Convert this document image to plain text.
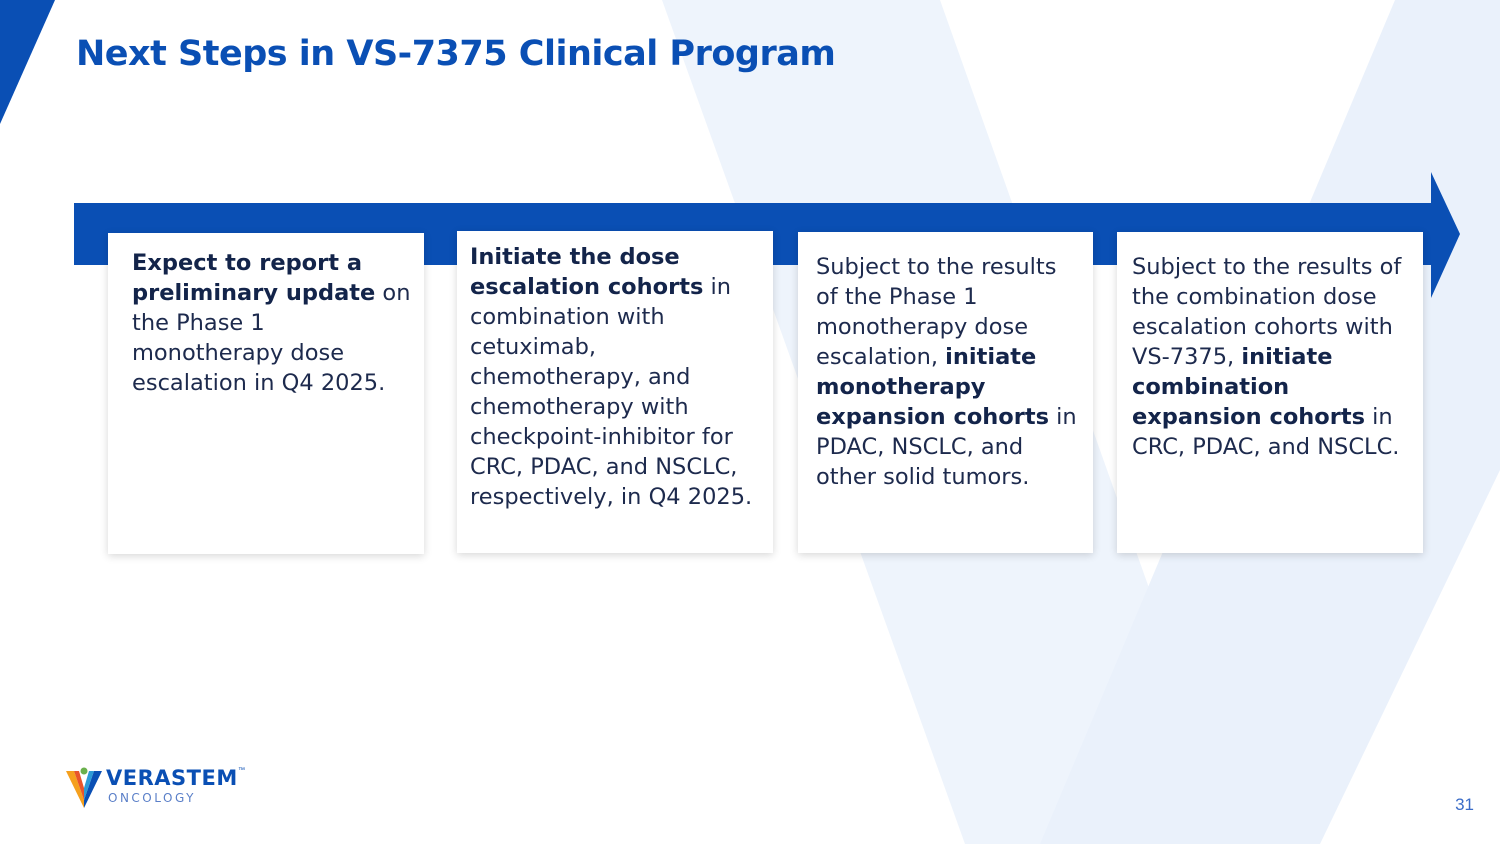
Next Steps in VS-7375 Clinical Program

Expect to report a preliminary update on the Phase 1 monotherapy dose escalation in Q4 2025.

Initiate the dose escalation cohorts in combination with cetuximab, chemotherapy, and chemotherapy with checkpoint-inhibitor for CRC, PDAC, and NSCLC, respectively, in Q4 2025.

Subject to the results of the Phase 1 monotherapy dose escalation, initiate monotherapy expansion cohorts in PDAC, NSCLC, and other solid tumors.

Subject to the results of the combination dose escalation cohorts with VS-7375, initiate combination expansion cohorts in CRC, PDAC, and NSCLC.

VERASTEM ™
ONCOLOGY	31
